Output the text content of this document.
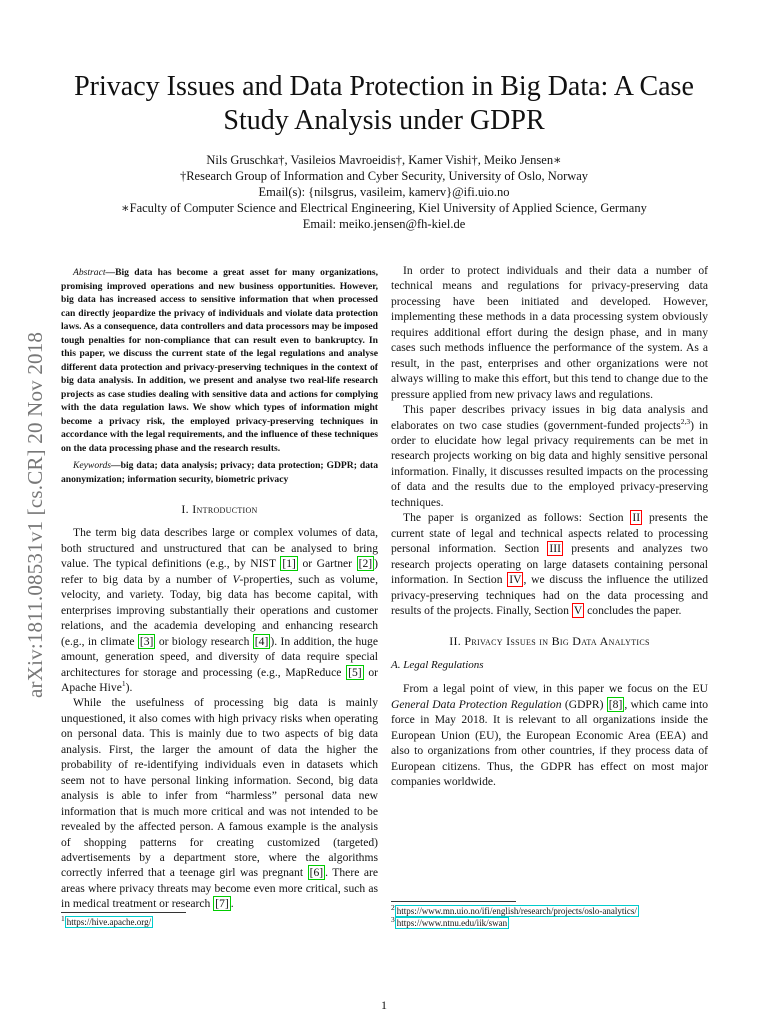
arXiv:1811.08531v1 [cs.CR] 20 Nov 2018
Privacy Issues and Data Protection in Big Data: A Case Study Analysis under GDPR
Nils Gruschka†, Vasileios Mavroeidis†, Kamer Vishi†, Meiko Jensen∗
†Research Group of Information and Cyber Security, University of Oslo, Norway
Email(s): {nilsgrus, vasileim, kamerv}@ifi.uio.no
∗Faculty of Computer Science and Electrical Engineering, Kiel University of Applied Science, Germany
Email: meiko.jensen@fh-kiel.de

Abstract—Big data has become a great asset for many organizations, promising improved operations and new business opportunities. However, big data has increased access to sensitive information that when processed can directly jeopardize the privacy of individuals and violate data protection laws. As a consequence, data controllers and data processors may be imposed tough penalties for non-compliance that can result even to bankruptcy. In this paper, we discuss the current state of the legal regulations and analyse different data protection and privacy-preserving techniques in the context of big data analysis. In addition, we present and analyse two real-life research projects as case studies dealing with sensitive data and actions for complying with the data regulation laws. We show which types of information might become a privacy risk, the employed privacy-preserving techniques in accordance with the legal requirements, and the influence of these techniques on the data processing phase and the research results.

Keywords—big data; data analysis; privacy; data protection; GDPR; data anonymization; information security, biometric privacy

I. Introduction

The term big data describes large or complex volumes of data, both structured and unstructured that can be analysed to bring value. The typical definitions (e.g., by NIST [1] or Gartner [2] ) refer to big data by a number of V-properties, such as volume, velocity, and variety. Today, big data has become capital, with enterprises improving substantially their operations and customer relations, and the academia developing and enhancing research (e.g., in climate [3] or biology research [4] ). In addition, the huge amount, generation speed, and diversity of data require special architectures for storage and processing (e.g., MapReduce [5] or Apache Hive$^1$).

While the usefulness of processing big data is mainly unquestioned, it also comes with high privacy risks when operating on personal data. This is mainly due to two aspects of big data analysis. First, the larger the amount of data the higher the probability of re-identifying individuals even in datasets which seem not to have personal linking information. Second, big data analysis is able to infer from “harmless” personal data new information that is much more critical and was not intended to be revealed by the affected person. A famous example is the analysis of shopping patterns for creating customized (targeted) advertisements by a department store, where the algorithms correctly inferred that a teenage girl was pregnant [6] . There are areas where privacy threats may become even more critical, such as in medical treatment or research [7] .

In order to protect individuals and their data a number of technical means and regulations for privacy-preserving data processing have been initiated and developed. However, implementing these methods in a data processing system obviously requires additional effort during the design phase, and in many cases such methods influence the performance of the system. As a result, in the past, enterprises and other organizations were not always willing to make this effort, but this tend to change due to the pressure applied from new privacy laws and regulations.

This paper describes privacy issues in big data analysis and elaborates on two case studies (government-funded projects$^{2,3}$) in order to elucidate how legal privacy requirements can be met in research projects working on big data and highly sensitive personal information. Finally, it discusses resulted impacts on the processing of data and the results due to the employed privacy-preserving techniques.

The paper is organized as follows: Section II presents the current state of legal and technical aspects related to processing personal information. Section III presents and analyzes two research projects operating on large datasets containing personal information. In Section IV , we discuss the influence the utilized privacy-preserving techniques had on the data processing and results of the projects. Finally, Section V concludes the paper.

II. Privacy Issues in Big Data Analytics
A. Legal Regulations

From a legal point of view, in this paper we focus on the EU General Data Protection Regulation (GDPR) [8] , which came into force in May 2018. It is relevant to all organizations inside the European Union (EU), the European Economic Area (EEA) and also to organizations from other countries, if they process data of European citizens. Thus, the GDPR has effect on most major companies worldwide.

$^1$ https://hive.apache.org/
$^2$ https://www.mn.uio.no/ifi/english/research/projects/oslo-analytics/
$^3$ https://www.ntnu.edu/iik/swan
1
